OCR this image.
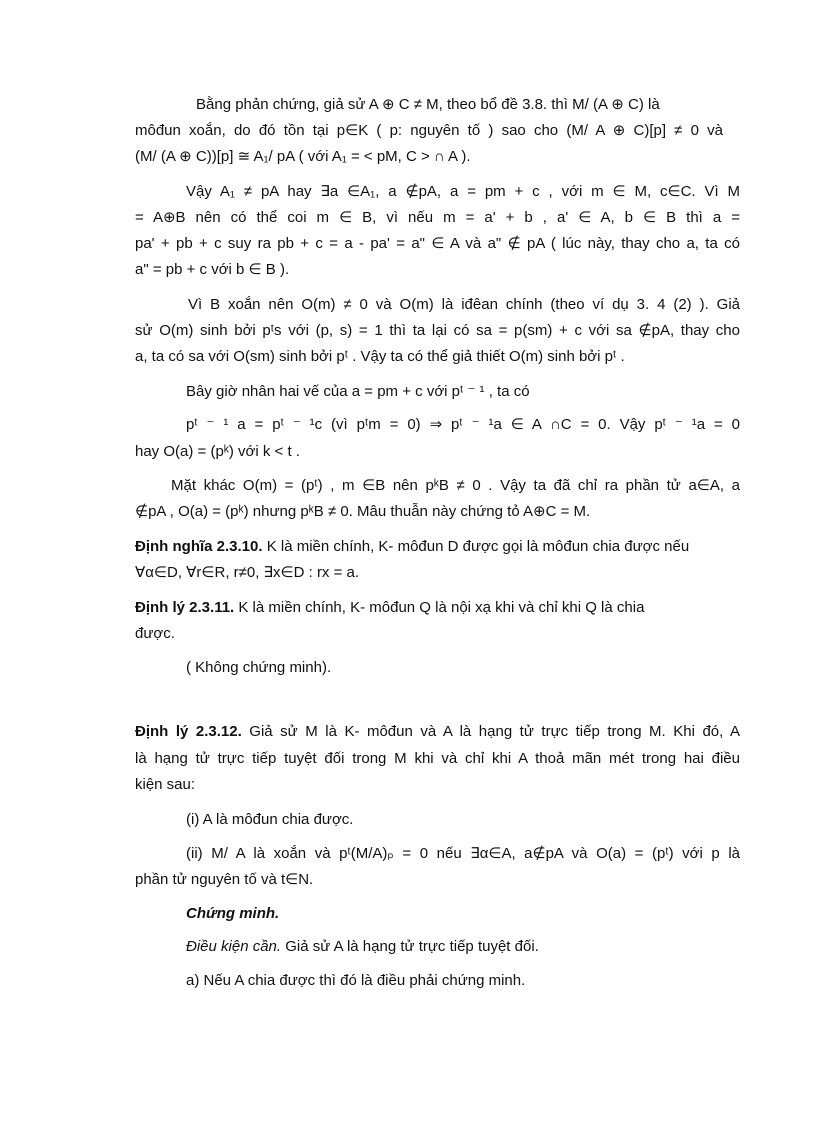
Bằng phản chứng, giả sử A ⊕ C ≠ M, theo bổ đề 3.8. thì M/ (A ⊕ C) là
môđun xoắn, do đó tồn tại p∈K ( p: nguyên tố ) sao cho (M/ A ⊕ C)[p] ≠ 0 và
(M/ (A ⊕ C))[p] ≅ A₁/ pA ( với A₁ = < pM, C > ∩ A ).
Vậy A₁ ≠ pA hay ∃a ∈A₁, a ∉pA, a = pm + c , với m ∈ M, c∈C. Vì M
= A⊕B nên có thể coi m ∈ B, vì nếu m = a' + b , a' ∈ A, b ∈ B thì a =
pa' + pb + c suy ra pb + c = a - pa' = a" ∈ A và a" ∉ pA ( lúc này, thay cho a, ta có
a" = pb + c với b ∈ B ).
Vì B xoắn nên O(m) ≠ 0 và O(m) là iđêan chính (theo ví dụ 3. 4 (2) ). Giả
sử O(m) sinh bởi pᵗs với (p, s) = 1 thì ta lại có sa = p(sm) + c với sa ∉pA, thay cho
a, ta có sa với O(sm) sinh bởi pᵗ . Vậy ta có thể giả thiết O(m) sinh bởi pᵗ .
Bây giờ nhân hai vế của a = pm + c với pᵗ ⁻ ¹ , ta có
pᵗ ⁻ ¹ a = pᵗ ⁻ ¹c (vì pᵗm = 0) ⇒ pᵗ ⁻ ¹a ∈ A ∩C = 0. Vậy pᵗ ⁻ ¹a = 0
hay O(a) = (pᵏ) với k < t .
Mặt khác O(m) = (pᵗ) , m ∈B nên pᵏB ≠ 0 . Vậy ta đã chỉ ra phần tử a∈A, a
∉pA , O(a) = (pᵏ) nhưng pᵏB ≠ 0. Mâu thuẫn này chứng tỏ A⊕C = M.
Định nghĩa 2.3.10. K là miền chính, K- môđun D được gọi là môđun chia được nếu
∀α∈D, ∀r∈R, r≠0, ∃x∈D : rx = a.
Định lý 2.3.11. K là miền chính, K- môđun Q là nội xạ khi và chỉ khi Q là chia
được.
( Không chứng minh).
Định lý 2.3.12. Giả sử M là K- môđun và A là hạng tử trực tiếp trong M. Khi đó, A
là hạng tử trực tiếp tuyệt đối trong M khi và chỉ khi A thoả mãn mét trong hai điều
kiện sau:
(i) A là môđun chia được.
(ii) M/ A là xoắn và pᵗ(M/A)ₚ = 0 nếu ∃α∈A, a∉pA và O(a) = (pᵗ) với p là
phần tử nguyên tố và t∈N.
Chứng minh.
Điều kiện cần. Giả sử A là hạng tử trực tiếp tuyệt đối.
a) Nếu A chia được thì đó là điều phải chứng minh.
